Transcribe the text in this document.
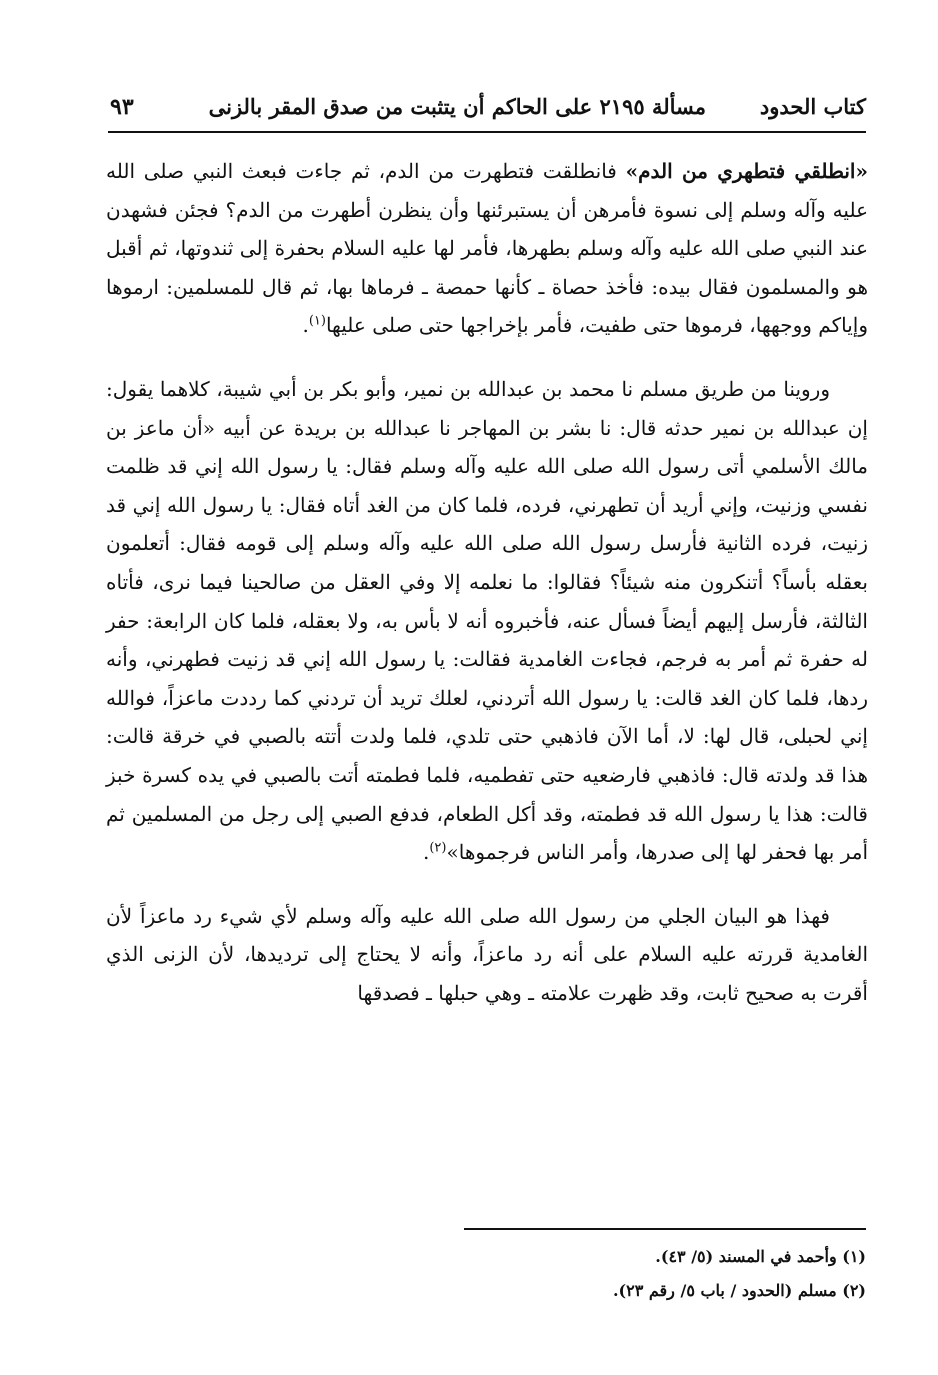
كتاب الحدود
مسألة ٢١٩٥ على الحاكم أن يتثبت من صدق المقر بالزنى
٩٣

«انطلقي فتطهري من الدم» فانطلقت فتطهرت من الدم، ثم جاءت فبعث النبي صلى الله عليه وآله وسلم إلى نسوة فأمرهن أن يستبرئنها وأن ينظرن أطهرت من الدم؟ فجئن فشهدن عند النبي صلى الله عليه وآله وسلم بطهرها، فأمر لها عليه السلام بحفرة إلى ثندوتها، ثم أقبل هو والمسلمون فقال بيده: فأخذ حصاة ـ كأنها حمصة ـ فرماها بها، ثم قال للمسلمين: ارموها وإياكم ووجهها، فرموها حتى طفيت، فأمر بإخراجها حتى صلى عليها$^{(١)}$.

وروينا من طريق مسلم نا محمد بن عبدالله بن نمير، وأبو بكر بن أبي شيبة، كلاهما يقول: إن عبدالله بن نمير حدثه قال: نا بشر بن المهاجر نا عبدالله بن بريدة عن أبيه «أن ماعز بن مالك الأسلمي أتى رسول الله صلى الله عليه وآله وسلم فقال: يا رسول الله إني قد ظلمت نفسي وزنيت، وإني أريد أن تطهرني، فرده، فلما كان من الغد أتاه فقال: يا رسول الله إني قد زنيت، فرده الثانية فأرسل رسول الله صلى الله عليه وآله وسلم إلى قومه فقال: أتعلمون بعقله بأساً؟ أتنكرون منه شيئاً؟ فقالوا: ما نعلمه إلا وفي العقل من صالحينا فيما نرى، فأتاه الثالثة، فأرسل إليهم أيضاً فسأل عنه، فأخبروه أنه لا بأس به، ولا بعقله، فلما كان الرابعة: حفر له حفرة ثم أمر به فرجم، فجاءت الغامدية فقالت: يا رسول الله إني قد زنيت فطهرني، وأنه ردها، فلما كان الغد قالت: يا رسول الله أتردني، لعلك تريد أن تردني كما رددت ماعزاً، فوالله إني لحبلى، قال لها: لا، أما الآن فاذهبي حتى تلدي، فلما ولدت أتته بالصبي في خرقة قالت: هذا قد ولدته قال: فاذهبي فارضعيه حتى تفطميه، فلما فطمته أتت بالصبي في يده كسرة خبز قالت: هذا يا رسول الله قد فطمته، وقد أكل الطعام، فدفع الصبي إلى رجل من المسلمين ثم أمر بها فحفر لها إلى صدرها، وأمر الناس فرجموها»$^{(٢)}$.

فهذا هو البيان الجلي من رسول الله صلى الله عليه وآله وسلم لأي شيء رد ماعزاً لأن الغامدية قررته عليه السلام على أنه رد ماعزاً، وأنه لا يحتاج إلى ترديدها، لأن الزنى الذي أقرت به صحيح ثابت، وقد ظهرت علامته ـ وهي حبلها ـ فصدقها

(١) وأحمد في المسند (٥/ ٤٣).
(٢) مسلم (الحدود / باب ٥/ رقم ٢٣).
